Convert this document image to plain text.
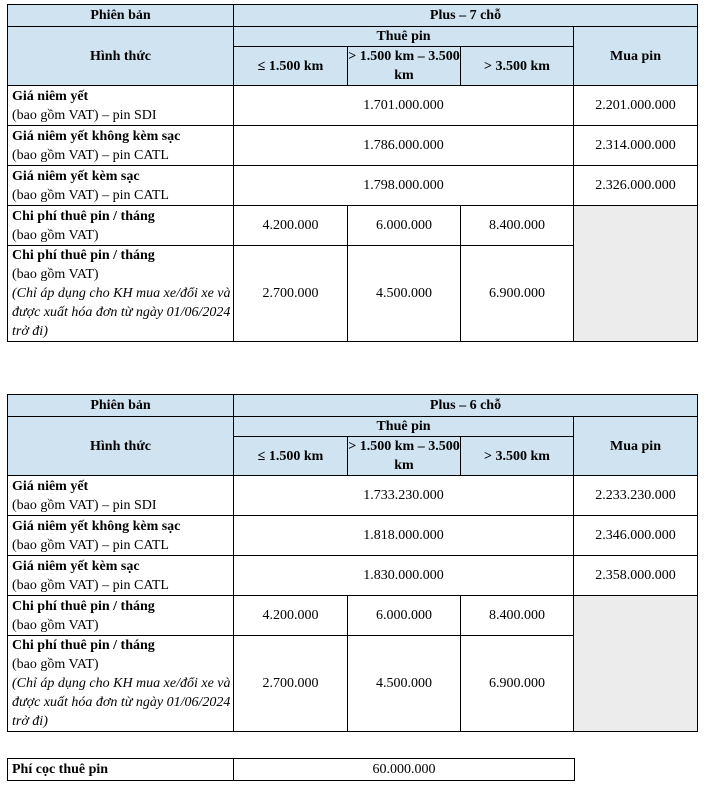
Phiên bản	Plus – 7 chỗ			
Hình thức	Thuê pin			Mua pin
	≤ 1.500 km	> 1.500 km – 3.500 km	> 3.500 km	

Giá niêm yết
(bao gồm VAT) – pin SDI	1.701.000.000			2.201.000.000

Giá niêm yết không kèm sạc
(bao gồm VAT) – pin CATL	1.786.000.000			2.314.000.000

Giá niêm yết kèm sạc
(bao gồm VAT) – pin CATL	1.798.000.000			2.326.000.000

Chi phí thuê pin / tháng
(bao gồm VAT)	4.200.000	6.000.000	8.400.000	

Chi phí thuê pin / tháng
(bao gồm VAT)
(Chỉ áp dụng cho KH mua xe/đổi xe và được xuất hóa đơn từ ngày 01/06/2024 trở đi)	2.700.000	4.500.000	6.900.000	
Phiên bản	Plus – 6 chỗ			
Hình thức	Thuê pin			Mua pin
	≤ 1.500 km	> 1.500 km – 3.500 km	> 3.500 km	

Giá niêm yết
(bao gồm VAT) – pin SDI	1.733.230.000			2.233.230.000

Giá niêm yết không kèm sạc
(bao gồm VAT) – pin CATL	1.818.000.000			2.346.000.000

Giá niêm yết kèm sạc
(bao gồm VAT) – pin CATL	1.830.000.000			2.358.000.000

Chi phí thuê pin / tháng
(bao gồm VAT)	4.200.000	6.000.000	8.400.000	

Chi phí thuê pin / tháng
(bao gồm VAT)
(Chỉ áp dụng cho KH mua xe/đổi xe và được xuất hóa đơn từ ngày 01/06/2024 trở đi)	2.700.000	4.500.000	6.900.000	
Phí cọc thuê pin	60.000.000
